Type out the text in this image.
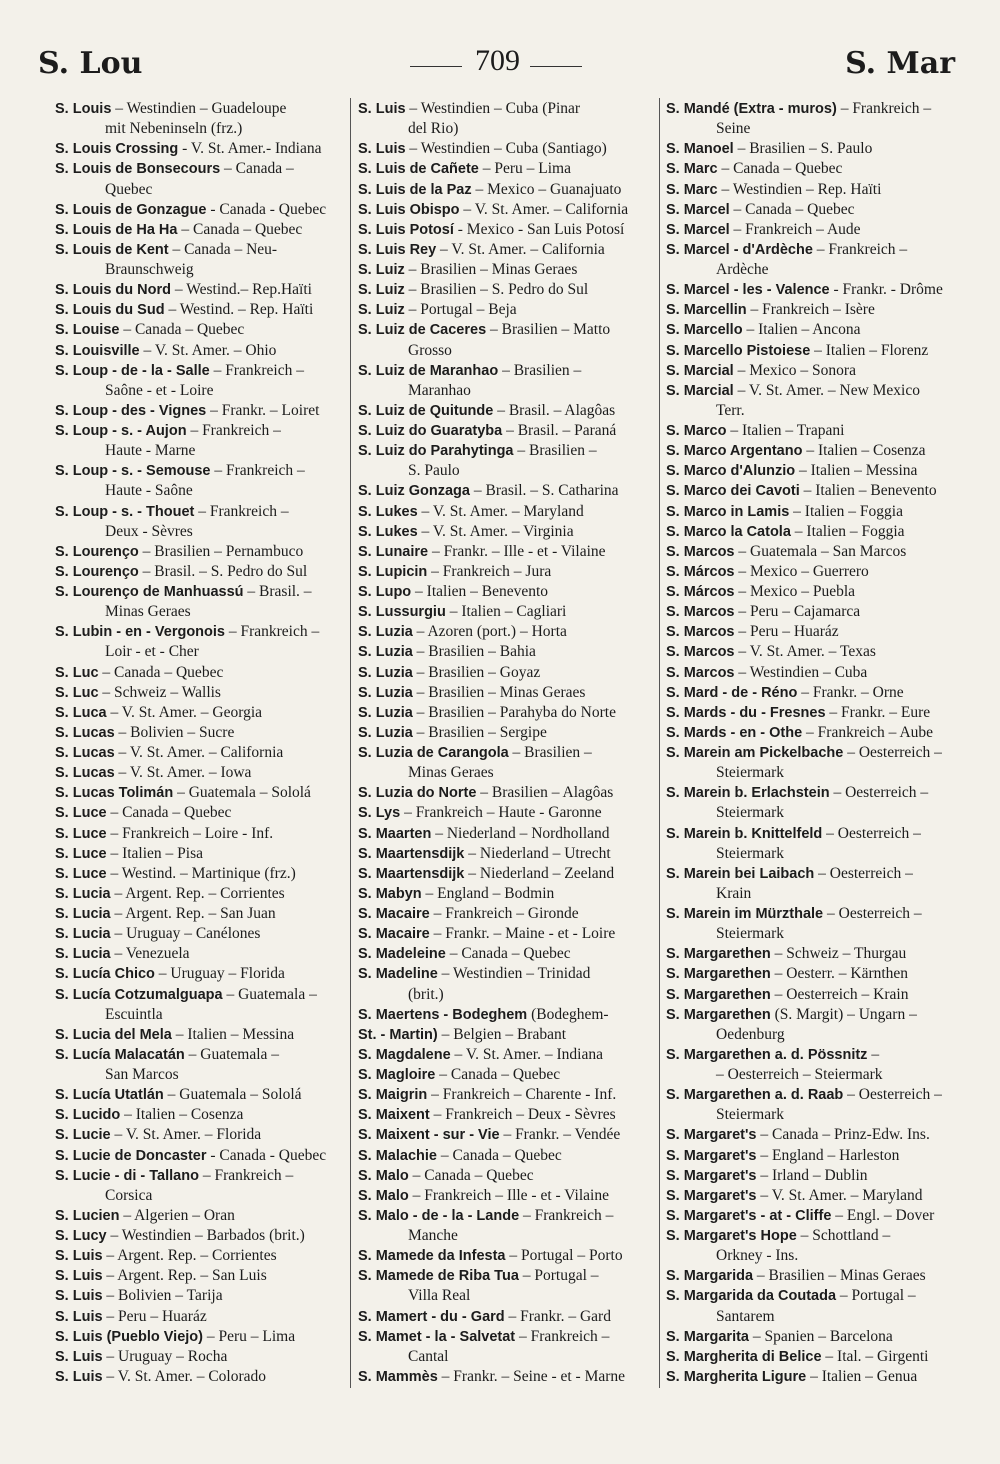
S. Lou	709	S. Mar
S. Louis – Westindien – Guadeloupe
mit Nebeninseln (frz.)
S. Louis Crossing - V. St. Amer.- Indiana
S. Louis de Bonsecours – Canada –
Quebec
S. Louis de Gonzague - Canada - Quebec
S. Louis de Ha Ha – Canada – Quebec
S. Louis de Kent – Canada – Neu-
Braunschweig
S. Louis du Nord – Westind.– Rep.Haïti
S. Louis du Sud – Westind. – Rep. Haïti
S. Louise – Canada – Quebec
S. Louisville – V. St. Amer. – Ohio
S. Loup - de - la - Salle – Frankreich –
Saône - et - Loire
S. Loup - des - Vignes – Frankr. – Loiret
S. Loup - s. - Aujon – Frankreich –
Haute - Marne
S. Loup - s. - Semouse – Frankreich –
Haute - Saône
S. Loup - s. - Thouet – Frankreich –
Deux - Sèvres
S. Lourenço – Brasilien – Pernambuco
S. Lourenço – Brasil. – S. Pedro do Sul
S. Lourenço de Manhuassú – Brasil. –
Minas Geraes
S. Lubin - en - Vergonois – Frankreich –
Loir - et - Cher
S. Luc – Canada – Quebec
S. Luc – Schweiz – Wallis
S. Luca – V. St. Amer. – Georgia
S. Lucas – Bolivien – Sucre
S. Lucas – V. St. Amer. – California
S. Lucas – V. St. Amer. – Iowa
S. Lucas Tolimán – Guatemala – Sololá
S. Luce – Canada – Quebec
S. Luce – Frankreich – Loire - Inf.
S. Luce – Italien – Pisa
S. Luce – Westind. – Martinique (frz.)
S. Lucia – Argent. Rep. – Corrientes
S. Lucia – Argent. Rep. – San Juan
S. Lucia – Uruguay – Canélones
S. Lucia – Venezuela
S. Lucía Chico – Uruguay – Florida
S. Lucía Cotzumalguapa – Guatemala –
Escuintla
S. Lucia del Mela – Italien – Messina
S. Lucía Malacatán – Guatemala –
San Marcos
S. Lucía Utatlán – Guatemala – Sololá
S. Lucido – Italien – Cosenza
S. Lucie – V. St. Amer. – Florida
S. Lucie de Doncaster - Canada - Quebec
S. Lucie - di - Tallano – Frankreich –
Corsica
S. Lucien – Algerien – Oran
S. Lucy – Westindien – Barbados (brit.)
S. Luis – Argent. Rep. – Corrientes
S. Luis – Argent. Rep. – San Luis
S. Luis – Bolivien – Tarija
S. Luis – Peru – Huaráz
S. Luis (Pueblo Viejo) – Peru – Lima
S. Luis – Uruguay – Rocha
S. Luis – V. St. Amer. – Colorado
S. Luis – Westindien – Cuba (Pinar
del Rio)
S. Luis – Westindien – Cuba (Santiago)
S. Luis de Cañete – Peru – Lima
S. Luis de la Paz – Mexico – Guanajuato
S. Luis Obispo – V. St. Amer. – California
S. Luis Potosí - Mexico - San Luis Potosí
S. Luis Rey – V. St. Amer. – California
S. Luiz – Brasilien – Minas Geraes
S. Luiz – Brasilien – S. Pedro do Sul
S. Luiz – Portugal – Beja
S. Luiz de Caceres – Brasilien – Matto
Grosso
S. Luiz de Maranhao – Brasilien –
Maranhao
S. Luiz de Quitunde – Brasil. – Alagôas
S. Luiz do Guaratyba – Brasil. – Paraná
S. Luiz do Parahytinga – Brasilien –
S. Paulo
S. Luiz Gonzaga – Brasil. – S. Catharina
S. Lukes – V. St. Amer. – Maryland
S. Lukes – V. St. Amer. – Virginia
S. Lunaire – Frankr. – Ille - et - Vilaine
S. Lupicin – Frankreich – Jura
S. Lupo – Italien – Benevento
S. Lussurgiu – Italien – Cagliari
S. Luzia – Azoren (port.) – Horta
S. Luzia – Brasilien – Bahia
S. Luzia – Brasilien – Goyaz
S. Luzia – Brasilien – Minas Geraes
S. Luzia – Brasilien – Parahyba do Norte
S. Luzia – Brasilien – Sergipe
S. Luzia de Carangola – Brasilien –
Minas Geraes
S. Luzia do Norte – Brasilien – Alagôas
S. Lys – Frankreich – Haute - Garonne
S. Maarten – Niederland – Nordholland
S. Maartensdijk – Niederland – Utrecht
S. Maartensdijk – Niederland – Zeeland
S. Mabyn – England – Bodmin
S. Macaire – Frankreich – Gironde
S. Macaire – Frankr. – Maine - et - Loire
S. Madeleine – Canada – Quebec
S. Madeline – Westindien – Trinidad
(brit.)
S. Maertens - Bodeghem (Bodeghem-
St. - Martin) – Belgien – Brabant
S. Magdalene – V. St. Amer. – Indiana
S. Magloire – Canada – Quebec
S. Maigrin – Frankreich – Charente - Inf.
S. Maixent – Frankreich – Deux - Sèvres
S. Maixent - sur - Vie – Frankr. – Vendée
S. Malachie – Canada – Quebec
S. Malo – Canada – Quebec
S. Malo – Frankreich – Ille - et - Vilaine
S. Malo - de - la - Lande – Frankreich –
Manche
S. Mamede da Infesta – Portugal – Porto
S. Mamede de Riba Tua – Portugal –
Villa Real
S. Mamert - du - Gard – Frankr. – Gard
S. Mamet - la - Salvetat – Frankreich –
Cantal
S. Mammès – Frankr. – Seine - et - Marne
S. Mandé (Extra - muros) – Frankreich –
Seine
S. Manoel – Brasilien – S. Paulo
S. Marc – Canada – Quebec
S. Marc – Westindien – Rep. Haïti
S. Marcel – Canada – Quebec
S. Marcel – Frankreich – Aude
S. Marcel - d'Ardèche – Frankreich –
Ardèche
S. Marcel - les - Valence - Frankr. - Drôme
S. Marcellin – Frankreich – Isère
S. Marcello – Italien – Ancona
S. Marcello Pistoiese – Italien – Florenz
S. Marcial – Mexico – Sonora
S. Marcial – V. St. Amer. – New Mexico
Terr.
S. Marco – Italien – Trapani
S. Marco Argentano – Italien – Cosenza
S. Marco d'Alunzio – Italien – Messina
S. Marco dei Cavoti – Italien – Benevento
S. Marco in Lamis – Italien – Foggia
S. Marco la Catola – Italien – Foggia
S. Marcos – Guatemala – San Marcos
S. Márcos – Mexico – Guerrero
S. Márcos – Mexico – Puebla
S. Marcos – Peru – Cajamarca
S. Marcos – Peru – Huaráz
S. Marcos – V. St. Amer. – Texas
S. Marcos – Westindien – Cuba
S. Mard - de - Réno – Frankr. – Orne
S. Mards - du - Fresnes – Frankr. – Eure
S. Mards - en - Othe – Frankreich – Aube
S. Marein am Pickelbache – Oesterreich –
Steiermark
S. Marein b. Erlachstein – Oesterreich –
Steiermark
S. Marein b. Knittelfeld – Oesterreich –
Steiermark
S. Marein bei Laibach – Oesterreich –
Krain
S. Marein im Mürzthale – Oesterreich –
Steiermark
S. Margarethen – Schweiz – Thurgau
S. Margarethen – Oesterr. – Kärnthen
S. Margarethen – Oesterreich – Krain
S. Margarethen (S. Margit) – Ungarn –
Oedenburg
S. Margarethen a. d. Pössnitz –
– Oesterreich – Steiermark
S. Margarethen a. d. Raab – Oesterreich –
Steiermark
S. Margaret's – Canada – Prinz-Edw. Ins.
S. Margaret's – England – Harleston
S. Margaret's – Irland – Dublin
S. Margaret's – V. St. Amer. – Maryland
S. Margaret's - at - Cliffe – Engl. – Dover
S. Margaret's Hope – Schottland –
Orkney - Ins.
S. Margarida – Brasilien – Minas Geraes
S. Margarida da Coutada – Portugal –
Santarem
S. Margarita – Spanien – Barcelona
S. Margherita di Belice – Ital. – Girgenti
S. Margherita Ligure – Italien – Genua
